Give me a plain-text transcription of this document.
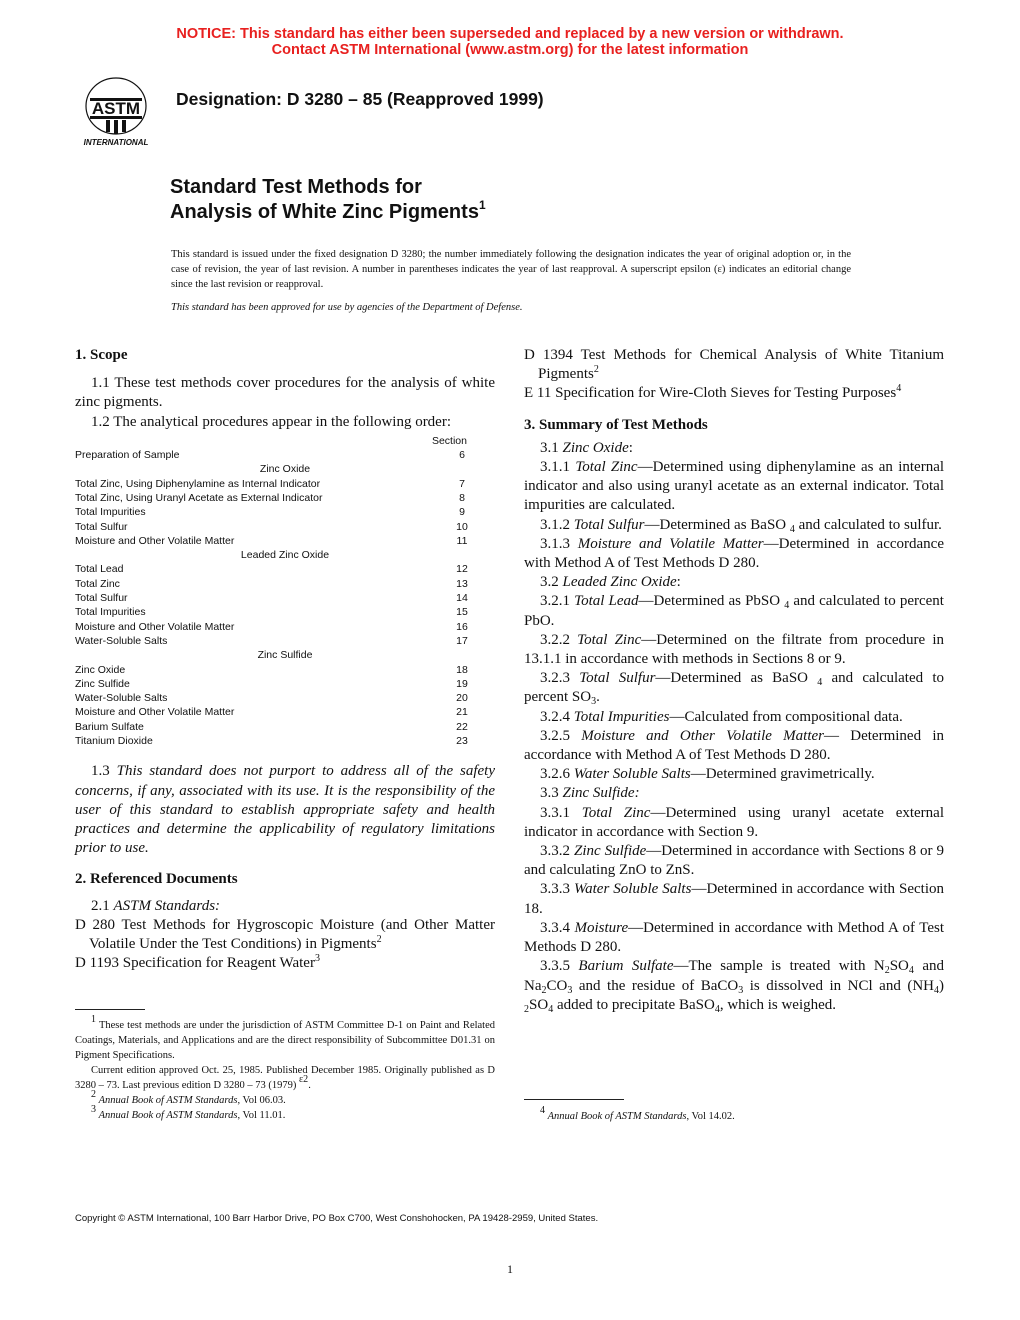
NOTICE: This standard has either been superseded and replaced by a new version or withdrawn.
Contact ASTM International (www.astm.org) for the latest information
ASTM
INTERNATIONAL
Designation: D 3280 – 85 (Reapproved 1999)
Standard Test Methods for
Analysis of White Zinc Pigments$^1$
This standard is issued under the fixed designation D 3280; the number immediately following the designation indicates the year of original adoption or, in the case of revision, the year of last revision. A number in parentheses indicates the year of last reapproval. A superscript epsilon (ε) indicates an editorial change since the last revision or reapproval.
This standard has been approved for use by agencies of the Department of Defense.

1. Scope

1.1 These test methods cover procedures for the analysis of white zinc pigments.

1.2 The analytical procedures appear in the following order:

Section
Preparation of Sample	6
Zinc Oxide
Total Zinc, Using Diphenylamine as Internal Indicator	7
Total Zinc, Using Uranyl Acetate as External Indicator	8
Total Impurities	9
Total Sulfur	10
Moisture and Other Volatile Matter	11
Leaded Zinc Oxide
Total Lead	12
Total Zinc	13
Total Sulfur	14
Total Impurities	15
Moisture and Other Volatile Matter	16
Water-Soluble Salts	17
Zinc Sulfide
Zinc Oxide	18
Zinc Sulfide	19
Water-Soluble Salts	20
Moisture and Other Volatile Matter	21
Barium Sulfate	22
Titanium Dioxide	23

1.3 This standard does not purport to address all of the safety concerns, if any, associated with its use. It is the responsibility of the user of this standard to establish appropriate safety and health practices and determine the applicability of regulatory limitations prior to use.

2. Referenced Documents

2.1 ASTM Standards:

D 280 Test Methods for Hygroscopic Moisture (and Other Matter Volatile Under the Test Conditions) in Pigments$^2$

D 1193 Specification for Reagent Water$^3$

$^1$ These test methods are under the jurisdiction of ASTM Committee D-1 on Paint and Related Coatings, Materials, and Applications and are the direct responsibility of Subcommittee D01.31 on Pigment Specifications.

Current edition approved Oct. 25, 1985. Published December 1985. Originally published as D 3280 – 73. Last previous edition D 3280 – 73 (1979) $^{\varepsilon 2}$.

$^2$ Annual Book of ASTM Standards, Vol 06.03.

$^3$ Annual Book of ASTM Standards, Vol 11.01.

D 1394 Test Methods for Chemical Analysis of White Titanium Pigments$^2$

E 11 Specification for Wire-Cloth Sieves for Testing Purposes$^4$

3. Summary of Test Methods

3.1 Zinc Oxide:

3.1.1 Total Zinc—Determined using diphenylamine as an internal indicator and also using uranyl acetate as an external indicator. Total impurities are calculated.

3.1.2 Total Sulfur—Determined as BaSO $_4$ and calculated to sulfur.

3.1.3 Moisture and Volatile Matter—Determined in accordance with Method A of Test Methods D 280.

3.2 Leaded Zinc Oxide:

3.2.1 Total Lead—Determined as PbSO $_4$ and calculated to percent PbO.

3.2.2 Total Zinc—Determined on the filtrate from procedure in 13.1.1 in accordance with methods in Sections 8 or 9.

3.2.3 Total Sulfur—Determined as BaSO $_4$ and calculated to percent $SO_3$.

3.2.4 Total Impurities—Calculated from compositional data.

3.2.5 Moisture and Other Volatile Matter— Determined in accordance with Method A of Test Methods D 280.

3.2.6 Water Soluble Salts—Determined gravimetrically.

3.3 Zinc Sulfide:

3.3.1 Total Zinc—Determined using uranyl acetate external indicator in accordance with Section 9.

3.3.2 Zinc Sulfide—Determined in accordance with Sections 8 or 9 and calculating ZnO to ZnS.

3.3.3 Water Soluble Salts—Determined in accordance with Section 18.

3.3.4 Moisture—Determined in accordance with Method A of Test Methods D 280.

3.3.5 Barium Sulfate—The sample is treated with $N_2SO_4$ and $Na_2CO_3$ and the residue of BaCO$_3$ is dissolved in NCl and $(NH_4)$ $_2SO_4$ added to precipitate BaSO$_4$, which is weighed.

$^4$ Annual Book of ASTM Standards, Vol 14.02.

Copyright © ASTM International, 100 Barr Harbor Drive, PO Box C700, West Conshohocken, PA 19428-2959, United States.
1
